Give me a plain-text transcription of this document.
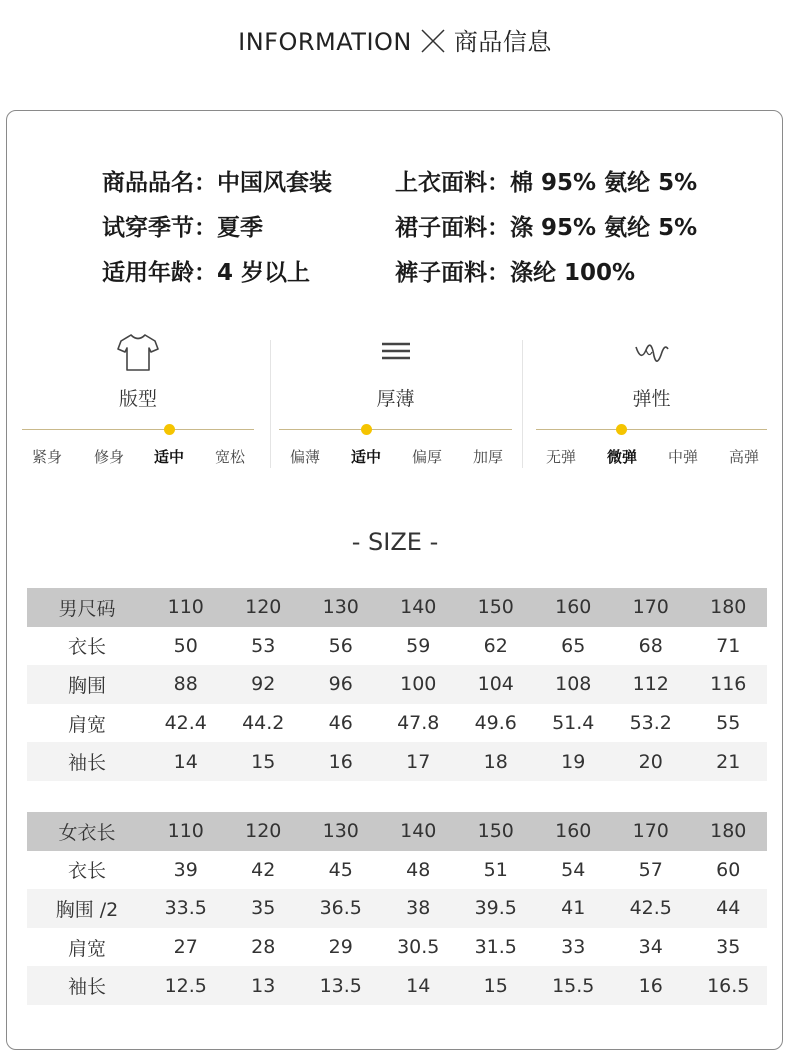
INFORMATION 商品信息
商品品名：中国风套装	上衣面料：棉 95% 氨纶 5%
试穿季节：夏季	裙子面料：涤 95% 氨纶 5%
适用年龄：4 岁以上	裤子面料：涤纶 100%
版型
紧身	修身	适中	宽松
厚薄
偏薄	适中	偏厚	加厚
弹性
无弹	微弹	中弹	高弹
- SIZE -
男尺码	110	120	130	140	150	160	170	180
衣长	50	53	56	59	62	65	68	71
胸围	88	92	96	100	104	108	112	116
肩宽	42.4	44.2	46	47.8	49.6	51.4	53.2	55
袖长	14	15	16	17	18	19	20	21
女衣长	110	120	130	140	150	160	170	180
衣长	39	42	45	48	51	54	57	60
胸围 /2	33.5	35	36.5	38	39.5	41	42.5	44
肩宽	27	28	29	30.5	31.5	33	34	35
袖长	12.5	13	13.5	14	15	15.5	16	16.5
